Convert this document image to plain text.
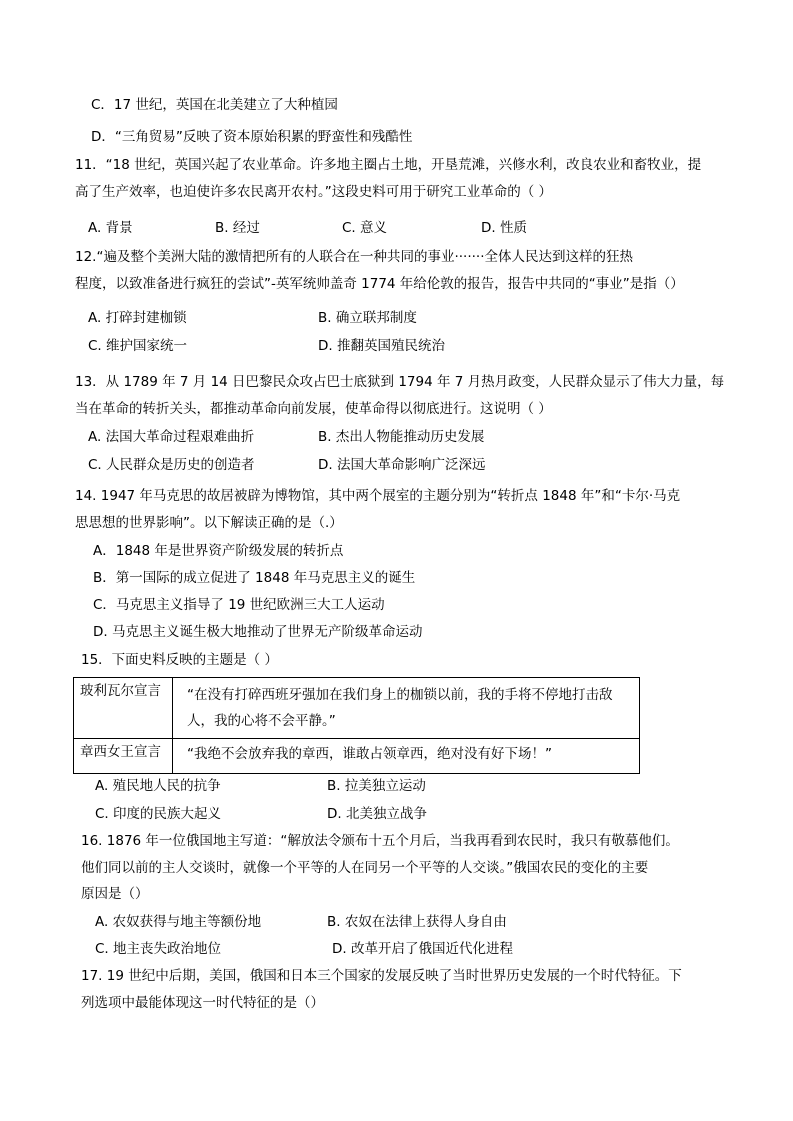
C．17 世纪，英国在北美建立了大种植园
D．“三角贸易”反映了资本原始积累的野蛮性和残酷性
11．“18 世纪，英国兴起了农业革命。许多地主圈占土地，开垦荒滩，兴修水利，改良农业和畜牧业，提
高了生产效率，也迫使许多农民离开农村。”这段史料可用于研究工业革命的（ ）
A. 背景	B. 经过	C. 意义	D. 性质
12.“遍及整个美洲大陆的激情把所有的人联合在一种共同的事业·······全体人民达到这样的狂热
程度，以致准备进行疯狂的尝试”-英军统帅盖奇 1774 年给伦敦的报告，报告中共同的“事业”是指（）
A. 打碎封建枷锁	B. 确立联邦制度
C. 维护国家统一	D. 推翻英国殖民统治
13．从 1789 年 7 月 14 日巴黎民众攻占巴士底狱到 1794 年 7 月热月政变，人民群众显示了伟大力量，每
当在革命的转折关头，都推动革命向前发展，使革命得以彻底进行。这说明（ ）
A. 法国大革命过程艰难曲折	B. 杰出人物能推动历史发展
C. 人民群众是历史的创造者	D. 法国大革命影响广泛深远
14. 1947 年马克思的故居被辟为博物馆，其中两个展室的主题分别为“转折点 1848 年”和“卡尔·马克
思思想的世界影响”。以下解读正确的是（.）
A．1848 年是世界资产阶级发展的转折点
B．第一国际的成立促进了 1848 年马克思主义的诞生
C．马克思主义指导了 19 世纪欧洲三大工人运动
D. 马克思主义诞生极大地推动了世界无产阶级革命运动
15．下面史料反映的主题是（ ）
玻利瓦尔宣言	“在没有打碎西班牙强加在我们身上的枷锁以前，我的手将不停地打击敌人，我的心将不会平静。”
章西女王宣言	“我绝不会放弃我的章西，谁敢占领章西，绝对没有好下场！”
A. 殖民地人民的抗争	B. 拉美独立运动
C. 印度的民族大起义	D. 北美独立战争
16. 1876 年一位俄国地主写道：“解放法令颁布十五个月后，当我再看到农民时，我只有敬慕他们。
他们同以前的主人交谈时，就像一个平等的人在同另一个平等的人交谈。”俄国农民的变化的主要
原因是（）
A. 农奴获得与地主等额份地	B. 农奴在法律上获得人身自由
C. 地主丧失政治地位	D. 改革开启了俄国近代化进程
17. 19 世纪中后期，美国，俄国和日本三个国家的发展反映了当时世界历史发展的一个时代特征。下
列选项中最能体现这一时代特征的是（）
